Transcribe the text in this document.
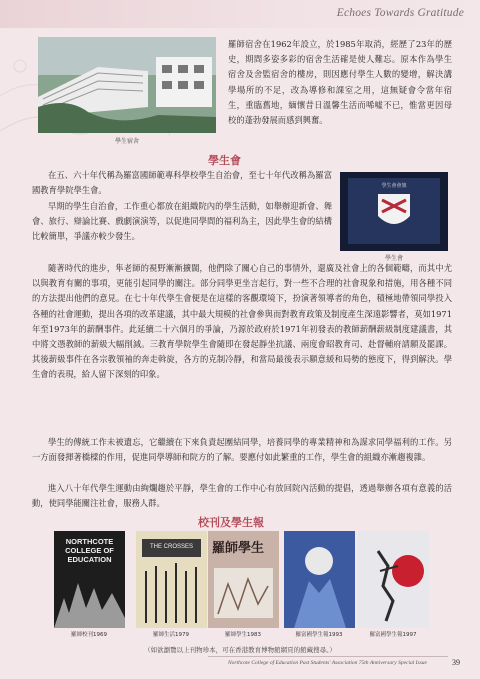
Echoes Towards Gratitude
學生宿舍
羅師宿舍在1962年設立，於1985年取消，經歷了23年的歷史，期間多姿多彩的宿舍生活確是使人難忘。原本作為學生宿舍及舍監宿舍的樓房，則因應付學生人數的變增，解決講學場所的不足，改為導修和課室之用，這無疑會令當年宿生，重臨舊地，緬懷昔日溫馨生活而唏噓不已，惟當更因母校的蓬勃發展而感到興奮。
學生會
在五、六十年代稱為羅富國師範專科學校學生自治會，至七十年代改稱為羅富國教育學院學生會。
早期的學生自治會，工作重心都放在組織院內的學生活動，如舉辦迎新會、舞會、旅行、辯論比賽、戲劇演演等，以促進同學間的福利為主，因此學生會的結構比較簡單，爭議亦較少發生。
學生會會旗
學生會
隨著時代的進步，隼老師的視野漸漸擴闊，他們除了關心自己的事情外，還廣及社會上的各個範疇，而其中尤以與教育有關的事項，更能引起同學的關注。部分同學更坐言起行，對一些不合理的社會現象和措施，用各種不同的方法提出他們的意見。在七十年代學生會便是在這樣的客觀環境下，扮演著領導者的角色，積極地帶領同學投入各種的社會運動，提出各項的改革建議，其中最大規模的社會參與而對教育政策及制度產生深遠影響者，莫如1971年至1973年的薪酬事件。此延續二十六個月的爭論，乃源於政府於1971年初發表的教師薪酬薪級制度建議書，其中將文憑教師的薪級大幅削減。三教育學院學生會隨即在發起靜坐抗議、兩度會昭教育司、赴督輔府請願及罷課。其後薪級事件在各宗教領袖的奔走斡旋，各方的克制冷靜，和當局最後表示願意緩和局勢的態度下，得到解決。學生會的表現，給人留下深刻的印象。
學生的傳統工作未被遺忘，它繼續在下來負責起團結同學，培養同學的專業精神和為謀求同學福利的工作。另一方面發揮著橋樑的作用，促進同學導師和院方的了解。要應付如此繁重的工作，學生會的組織亦漸趨複雜。
進入八十年代學生運動由絢爛趨於平靜，學生會的工作中心有放回院內活動的提倡，透過舉辦各項有意義的活動，使同學能關注社會，服務人群。
校刊及學生報
NORTHCOTE COLLEGE OF EDUCATION
THE CROSSES	羅師學生
羅師校刊1969	羅師生活1979	羅師學生1983	羅富國學生報1993	羅富國學生報1997
（如欲瀏覽以上刊物珍本，可在香港教育博物館網頁的館藏搜尋。）
Northcote College of Education Past Students' Association 75th Anniversary Special Issue	39
